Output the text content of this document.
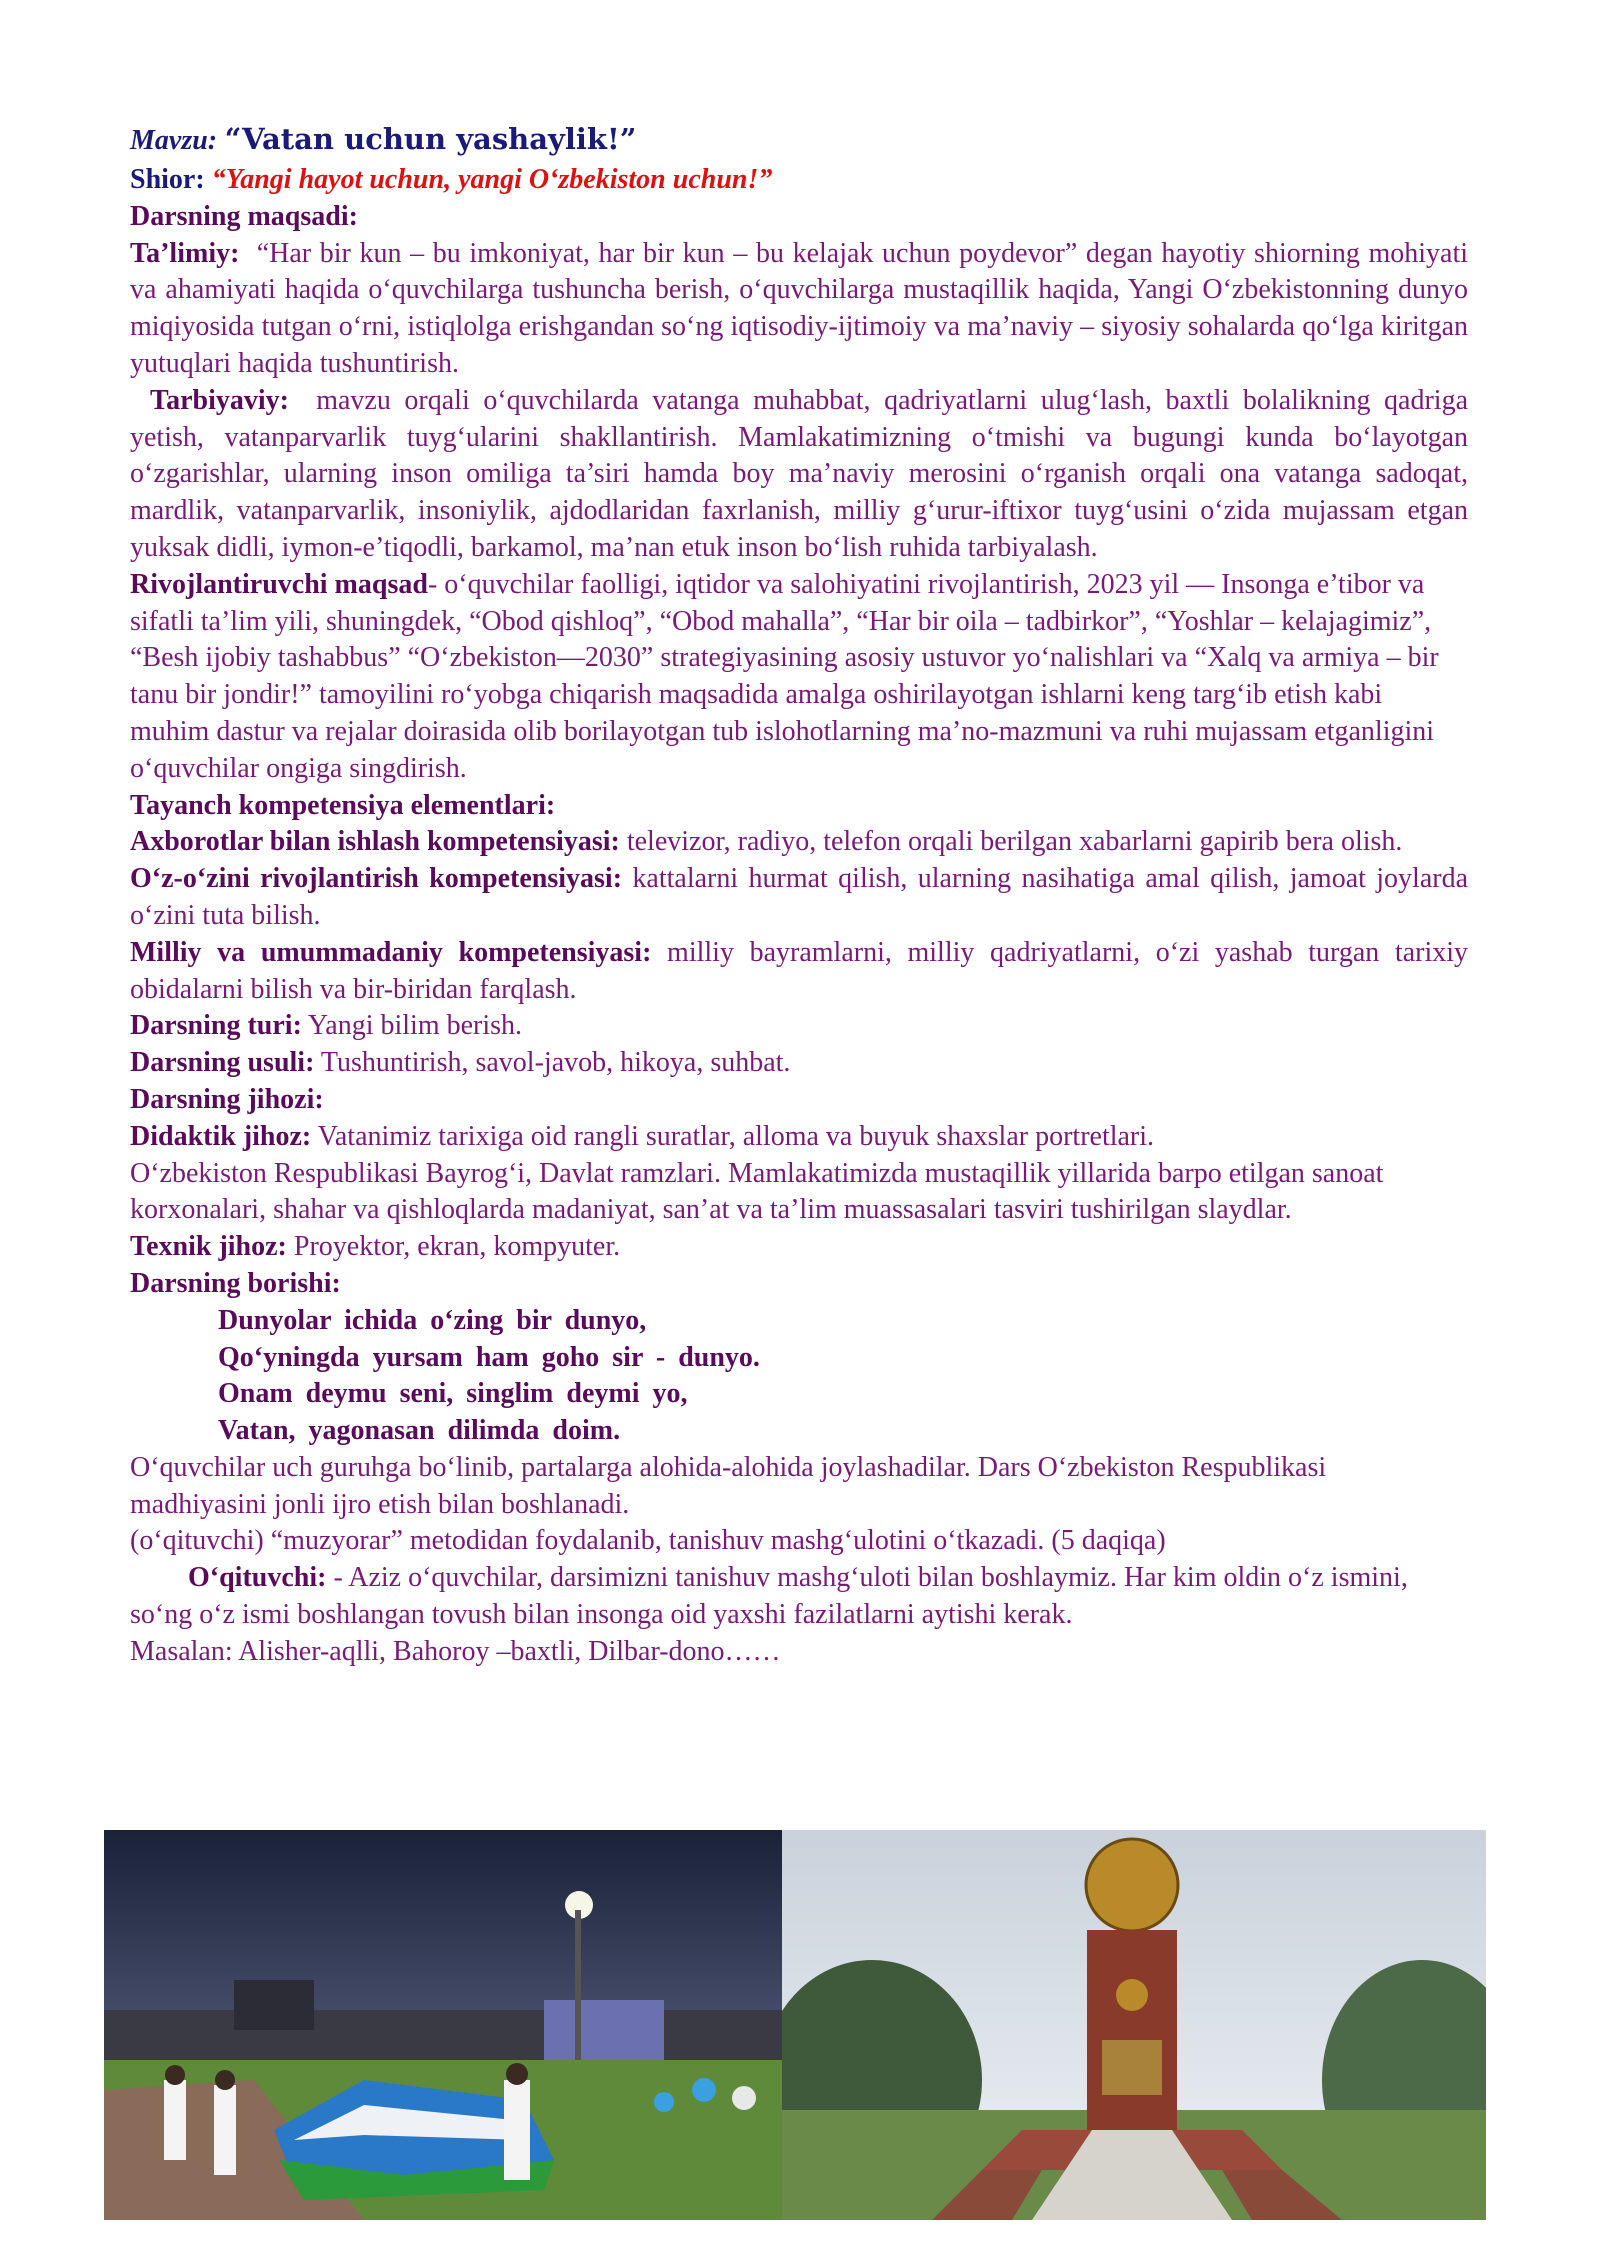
Mavzu: “Vatan uchun yashaylik!”

Shior: “Yangi hayot uchun, yangi O‘zbekiston uchun!”

Darsning maqsadi:

Ta’limiy: “Har bir kun – bu imkoniyat, har bir kun – bu kelajak uchun poydevor” degan hayotiy shiorning mohiyati va ahamiyati haqida o‘quvchilarga tushuncha berish, o‘quvchilarga mustaqillik haqida, Yangi O‘zbekistonning dunyo miqiyosida tutgan o‘rni, istiqlolga erishgandan so‘ng iqtisodiy-ijtimoiy va ma’naviy – siyosiy sohalarda qo‘lga kiritgan yutuqlari haqida tushuntirish.

Tarbiyaviy: mavzu orqali o‘quvchilarda vatanga muhabbat, qadriyatlarni ulug‘lash, baxtli bolalikning qadriga yetish, vatanparvarlik tuyg‘ularini shakllantirish. Mamlakatimizning o‘tmishi va bugungi kunda bo‘layotgan o‘zgarishlar, ularning inson omiliga ta’siri hamda boy ma’naviy merosini o‘rganish orqali ona vatanga sadoqat, mardlik, vatanparvarlik, insoniylik, ajdodlaridan faxrlanish, milliy g‘urur-iftixor tuyg‘usini o‘zida mujassam etgan yuksak didli, iymon-e’tiqodli, barkamol, ma’nan etuk inson bo‘lish ruhida tarbiyalash.

Rivojlantiruvchi maqsad- o‘quvchilar faolligi, iqtidor va salohiyatini rivojlantirish, 2023 yil — Insonga e’tibor va sifatli ta’lim yili, shuningdek, “Obod qishloq”, “Obod mahalla”, “Har bir oila – tadbirkor”, “Yoshlar – kelajagimiz”, “Besh ijobiy tashabbus” “O‘zbekiston—2030” strategiyasining asosiy ustuvor yo‘nalishlari va “Xalq va armiya – bir tanu bir jondir!” tamoyilini ro‘yobga chiqarish maqsadida amalga oshirilayotgan ishlarni keng targ‘ib etish kabi muhim dastur va rejalar doirasida olib borilayotgan tub islohotlarning ma’no-mazmuni va ruhi mujassam etganligini o‘quvchilar ongiga singdirish.

Tayanch kompetensiya elementlari:

Axborotlar bilan ishlash kompetensiyasi: televizor, radiyo, telefon orqali berilgan xabarlarni gapirib bera olish.

O‘z-o‘zini rivojlantirish kompetensiyasi: kattalarni hurmat qilish, ularning nasihatiga amal qilish, jamoat joylarda o‘zini tuta bilish.

Milliy va umummadaniy kompetensiyasi: milliy bayramlarni, milliy qadriyatlarni, o‘zi yashab turgan tarixiy obidalarni bilish va bir-biridan farqlash.

Darsning turi: Yangi bilim berish.

Darsning usuli: Tushuntirish, savol-javob, hikoya, suhbat.

Darsning jihozi:

Didaktik jihoz: Vatanimiz tarixiga oid rangli suratlar, alloma va buyuk shaxslar portretlari.

O‘zbekiston Respublikasi Bayrog‘i, Davlat ramzlari. Mamlakatimizda mustaqillik yillarida barpo etilgan sanoat korxonalari, shahar va qishloqlarda madaniyat, san’at va ta’lim muassasalari tasviri tushirilgan slaydlar.

Texnik jihoz: Proyektor, ekran, kompyuter.

Darsning borishi:

Dunyolar ichida o‘zing bir dunyo,

Qo‘yningda yursam ham goho sir - dunyo.

Onam deymu seni, singlim deymi yo,

Vatan, yagonasan dilimda doim.

O‘quvchilar uch guruhga bo‘linib, partalarga alohida-alohida joylashadilar. Dars O‘zbekiston Respublikasi madhiyasini jonli ijro etish bilan boshlanadi.

(o‘qituvchi) “muzyorar” metodidan foydalanib, tanishuv mashg‘ulotini o‘tkazadi. (5 daqiqa)

O‘qituvchi: - Aziz o‘quvchilar, darsimizni tanishuv mashg‘uloti bilan boshlaymiz. Har kim oldin o‘z ismini, so‘ng o‘z ismi boshlangan tovush bilan insonga oid yaxshi fazilatlarni aytishi kerak.

Masalan: Alisher-aqlli, Bahoroy –baxtli, Dilbar-dono……
